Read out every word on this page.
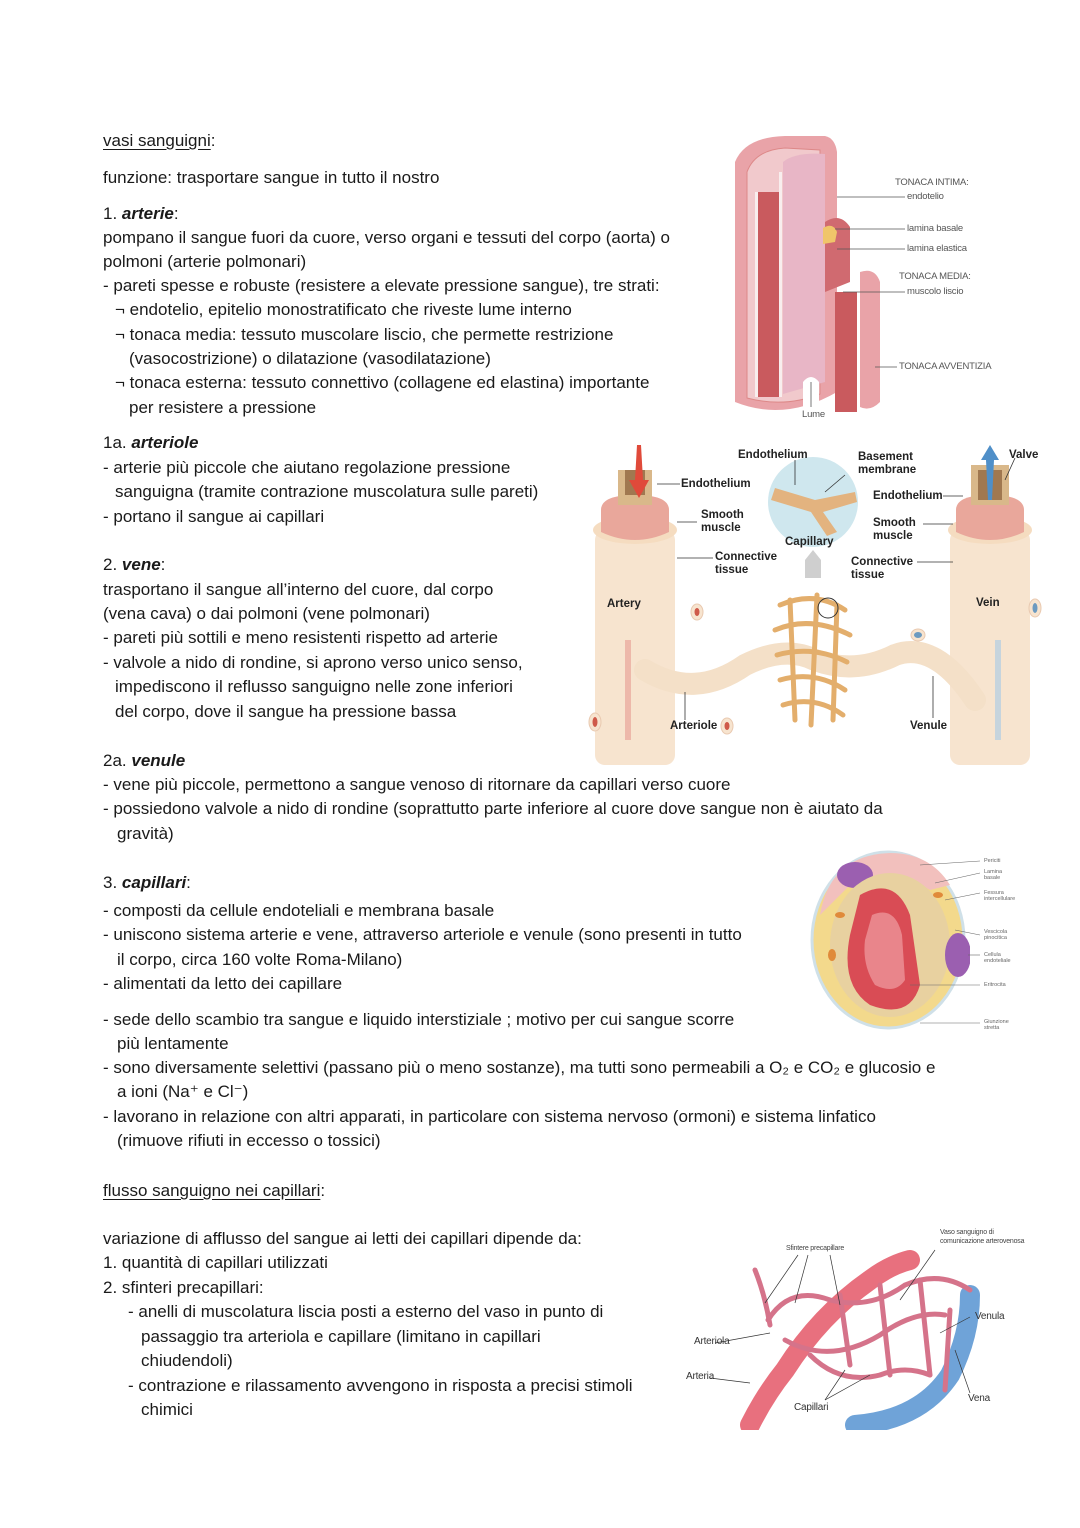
vasi sanguigni:
funzione: trasportare sangue in tutto il nostro
1. arterie:
pompano il sangue fuori da cuore, verso organi e tessuti del corpo (aorta) o
polmoni (arterie polmonari)
- pareti spesse e robuste (resistere a elevate pressione sangue), tre strati:
¬ endotelio, epitelio monostratificato che riveste lume interno
¬ tonaca media: tessuto muscolare liscio, che permette restrizione
(vasocostrizione) o dilatazione (vasodilatazione)
¬ tonaca esterna: tessuto connettivo (collagene ed elastina) importante
per resistere a pressione
TONACA INTIMA:
endotelio
lamina basale
lamina elastica
TONACA MEDIA:
muscolo liscio
TONACA AVVENTIZIA
Lume
1a. arteriole
- arterie più piccole che aiutano regolazione pressione
sanguigna (tramite contrazione muscolatura sulle pareti)
- portano il sangue ai capillari
2. vene:
trasportano il sangue all’interno del cuore, dal corpo
(vena cava) o dai polmoni (vene polmonari)
- pareti più sottili e meno resistenti rispetto ad arterie
- valvole a nido di rondine, si aprono verso unico senso,
impediscono il reflusso sanguigno nelle zone inferiori
del corpo, dove il sangue ha pressione bassa
Endothelium	Basement
membrane
Valve
Endothelium
Smooth
muscle
Capillary
Endothelium
Smooth
muscle
Connective
tissue
Connective
tissue
Artery	Vein
Arteriole	Venule
2a. venule
- vene più piccole, permettono a sangue venoso di ritornare da capillari verso cuore
- possiedono valvole a nido di rondine (soprattutto parte inferiore al cuore dove sangue non è aiutato da
gravità)
3. capillari:
- composti da cellule endoteliali e membrana basale
- uniscono sistema arterie e vene, attraverso arteriole e venule (sono presenti in tutto
il corpo, circa 160 volte Roma-Milano)
- alimentati da letto dei capillare
- sede dello scambio tra sangue e liquido interstiziale ; motivo per cui sangue scorre
più lentamente
- sono diversamente selettivi (passano più o meno sostanze), ma tutti sono permeabili a O₂ e CO₂ e glucosio e
a ioni (Na⁺ e Cl⁻)
- lavorano in relazione con altri apparati, in particolare con sistema nervoso (ormoni) e sistema linfatico
(rimuove rifiuti in eccesso o tossici)
Periciti
Lamina
basale
Fessura
intercellulare
Vescicola
pinocitica
Cellula
endoteliale
Eritrocita
Giunzione
stretta
flusso sanguigno nei capillari:
variazione di afflusso del sangue ai letti dei capillari dipende da:
1. quantità di capillari utilizzati
2. sfinteri precapillari:
- anelli di muscolatura liscia posti a esterno del vaso in punto di
passaggio tra arteriola e capillare (limitano in capillari
chiudendoli)
- contrazione e rilassamento avvengono in risposta a precisi stimoli
chimici
Vaso sanguigno di
comunicazione arterovenosa
Sfintere precapillare
Venula
Arteriola
Arteria
Capillari
Vena
